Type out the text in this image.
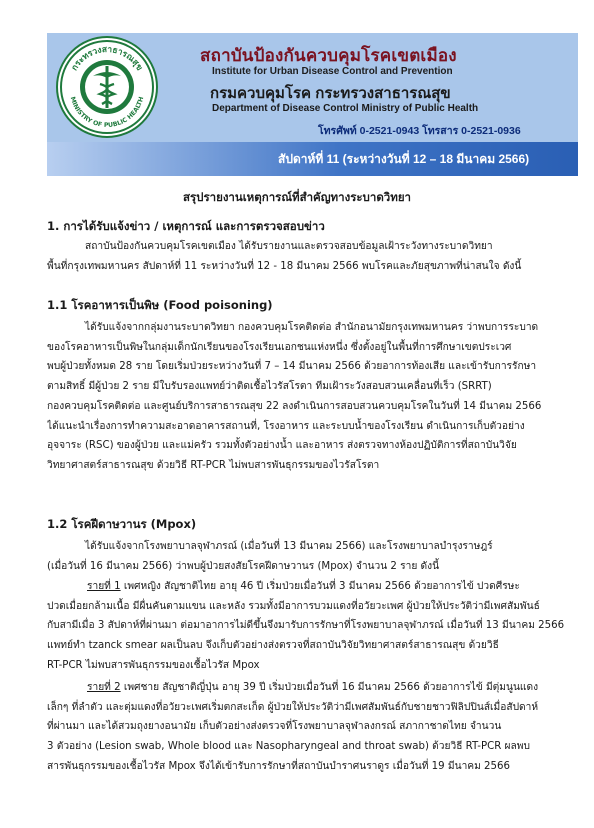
กระทรวงสาธารณสุข
MINISTRY OF PUBLIC HEALTH
สถาบันป้องกันควบคุมโรคเขตเมือง
Institute for Urban Disease Control and Prevention
กรมควบคุมโรค กระทรวงสาธารณสุข
Department of Disease Control Ministry of Public Health
โทรศัพท์ 0-2521-0943 โทรสาร 0-2521-0936
สัปดาห์ที่ 11 (ระหว่างวันที่ 12 – 18 มีนาคม 2566)
สรุปรายงานเหตุการณ์ที่สำคัญทางระบาดวิทยา
1. การได้รับแจ้งข่าว / เหตุการณ์ และการตรวจสอบข่าว
สถาบันป้องกันควบคุมโรคเขตเมือง ได้รับรายงานและตรวจสอบข้อมูลเฝ้าระวังทางระบาดวิทยา
พื้นที่กรุงเทพมหานคร สัปดาห์ที่ 11 ระหว่างวันที่ 12 - 18 มีนาคม 2566 พบโรคและภัยสุขภาพที่น่าสนใจ ดังนี้
1.1 โรคอาหารเป็นพิษ (Food poisoning)
ได้รับแจ้งจากกลุ่มงานระบาดวิทยา กองควบคุมโรคติดต่อ สำนักอนามัยกรุงเทพมหานคร ว่าพบการระบาด
ของโรคอาหารเป็นพิษในกลุ่มเด็กนักเรียนของโรงเรียนเอกชนแห่งหนึ่ง ซึ่งตั้งอยู่ในพื้นที่การศึกษาเขตประเวศ
พบผู้ป่วยทั้งหมด 28 ราย โดยเริ่มป่วยระหว่างวันที่ 7 – 14 มีนาคม 2566 ด้วยอาการท้องเสีย และเข้ารับการรักษา
ตามสิทธิ์ มีผู้ป่วย 2 ราย มีใบรับรองแพทย์ว่าติดเชื้อไวรัสโรตา ทีมเฝ้าระวังสอบสวนเคลื่อนที่เร็ว (SRRT)
กองควบคุมโรคติดต่อ และศูนย์บริการสาธารณสุข 22 ลงดำเนินการสอบสวนควบคุมโรคในวันที่ 14 มีนาคม 2566
ได้แนะนำเรื่องการทำความสะอาดอาคารสถานที่, โรงอาหาร และระบบน้ำของโรงเรียน ดำเนินการเก็บตัวอย่าง
อุจจาระ (RSC) ของผู้ป่วย และแม่ครัว รวมทั้งตัวอย่างน้ำ และอาหาร ส่งตรวจทางห้องปฏิบัติการที่สถาบันวิจัย
วิทยาศาสตร์สาธารณสุข ด้วยวิธี RT-PCR ไม่พบสารพันธุกรรมของไวรัสโรตา
1.2 โรคฝีดาษวานร (Mpox)
ได้รับแจ้งจากโรงพยาบาลจุฬาภรณ์ (เมื่อวันที่ 13 มีนาคม 2566) และโรงพยาบาลบำรุงราษฎร์
(เมื่อวันที่ 16 มีนาคม 2566) ว่าพบผู้ป่วยสงสัยโรคฝีดาษวานร (Mpox) จำนวน 2 ราย ดังนี้
รายที่ 1 เพศหญิง สัญชาติไทย อายุ 46 ปี เริ่มป่วยเมื่อวันที่ 3 มีนาคม 2566 ด้วยอาการไข้ ปวดศีรษะ
ปวดเมื่อยกล้ามเนื้อ มีผื่นคันตามแขน และหลัง รวมทั้งมีอาการบวมแดงที่อวัยวะเพศ ผู้ป่วยให้ประวัติว่ามีเพศสัมพันธ์
กับสามีเมื่อ 3 สัปดาห์ที่ผ่านมา ต่อมาอาการไม่ดีขึ้นจึงมารับการรักษาที่โรงพยาบาลจุฬาภรณ์ เมื่อวันที่ 13 มีนาคม 2566
แพทย์ทำ tzanck smear ผลเป็นลบ จึงเก็บตัวอย่างส่งตรวจที่สถาบันวิจัยวิทยาศาสตร์สาธารณสุข ด้วยวิธี
RT-PCR ไม่พบสารพันธุกรรมของเชื้อไวรัส Mpox
รายที่ 2 เพศชาย สัญชาติญี่ปุ่น อายุ 39 ปี เริ่มป่วยเมื่อวันที่ 16 มีนาคม 2566 ด้วยอาการไข้ มีตุ่มนูนแดง
เล็กๆ ที่ลำตัว และตุ่มแดงที่อวัยวะเพศเริ่มตกสะเก็ด ผู้ป่วยให้ประวัติว่ามีเพศสัมพันธ์กับชายชาวฟิลิปปินส์เมื่อสัปดาห์
ที่ผ่านมา และได้สวมถุงยางอนามัย เก็บตัวอย่างส่งตรวจที่โรงพยาบาลจุฬาลงกรณ์ สภากาชาดไทย จำนวน
3 ตัวอย่าง (Lesion swab, Whole blood และ Nasopharyngeal and throat swab) ด้วยวิธี RT-PCR ผลพบ
สารพันธุกรรมของเชื้อไวรัส Mpox จึงได้เข้ารับการรักษาที่สถาบันบำราศนราดูร เมื่อวันที่ 19 มีนาคม 2566
